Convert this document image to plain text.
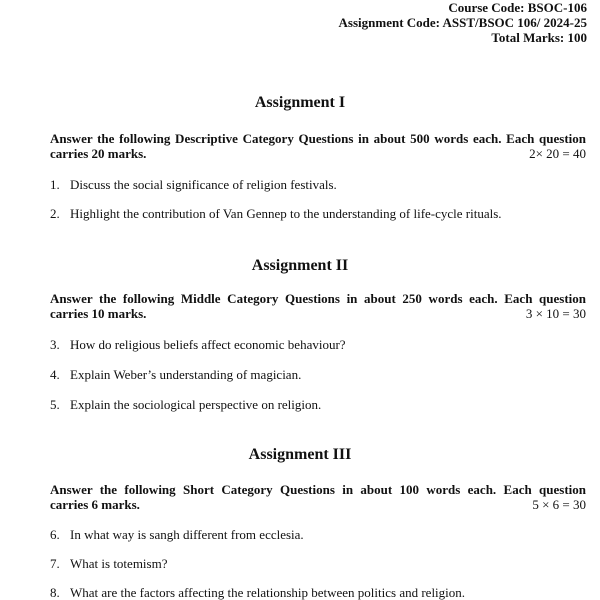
Course Code: BSOC-106
Assignment Code: ASST/BSOC 106/ 2024-25
Total Marks: 100
Assignment I
Answer the following Descriptive Category Questions in about 500 words each. Each question
carries 20 marks.	2× 20 = 40
1. Discuss the social significance of religion festivals.
2. Highlight the contribution of Van Gennep to the understanding of life-cycle rituals.
Assignment II
Answer the following Middle Category Questions in about 250 words each. Each question
carries 10 marks.	3 × 10 = 30
3. How do religious beliefs affect economic behaviour?
4. Explain Weber’s understanding of magician.
5. Explain the sociological perspective on religion.
Assignment III
Answer the following Short Category Questions in about 100 words each. Each question
carries 6 marks.	5 × 6 = 30
6. In what way is sangh different from ecclesia.
7. What is totemism?
8. What are the factors affecting the relationship between politics and religion.
